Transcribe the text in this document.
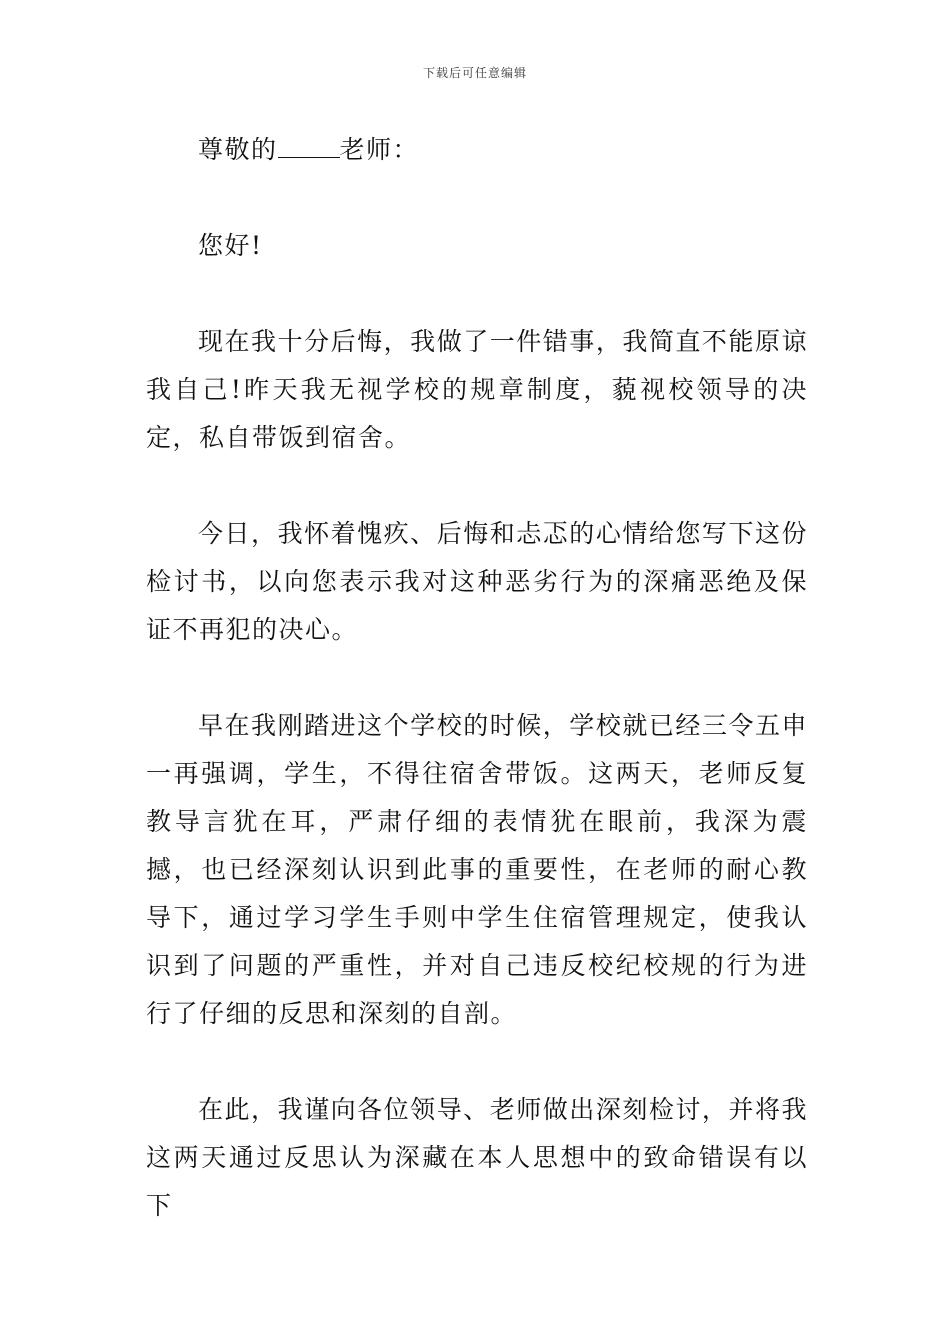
下载后可任意编辑

尊敬的 老师：

您好!

现在我十分后悔，我做了一件错事，我简直不能原谅我自己!昨天我无视学校的规章制度，藐视校领导的决定，私自带饭到宿舍。

今日，我怀着愧疚、后悔和忐忑的心情给您写下这份检讨书，以向您表示我对这种恶劣行为的深痛恶绝及保证不再犯的决心。

早在我刚踏进这个学校的时候，学校就已经三令五申一再强调，学生，不得往宿舍带饭。这两天，老师反复教导言犹在耳，严肃仔细的表情犹在眼前，我深为震撼，也已经深刻认识到此事的重要性，在老师的耐心教导下，通过学习学生手则中学生住宿管理规定，使我认识到了问题的严重性，并对自己违反校纪校规的行为进行了仔细的反思和深刻的自剖。

在此，我谨向各位领导、老师做出深刻检讨，并将我这两天通过反思认为深藏在本人思想中的致命错误有以下
